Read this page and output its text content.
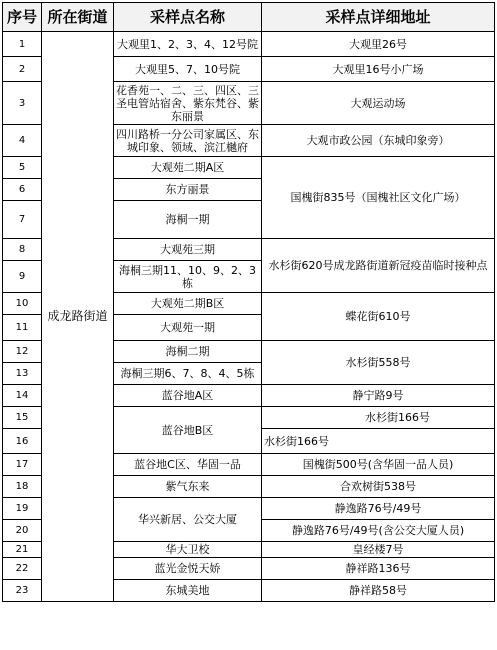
序号	所在街道	采样点名称	采样点详细地址
1	成龙路街道	大观里1、2、3、4、12号院	大观里26号
2		大观里5、7、10号院	大观里16号小广场
3		花香苑一、二、三、四区、三圣电管站宿舍、紫东梵谷、紫东丽景	大观运动场
4		四川路桥一分公司家属区、东城印象、领域、滨江樾府	大观市政公园（东城印象旁）
5		大观苑二期A区	国槐街835号（国槐社区文化广场）
6		东方丽景	
7		海桐一期	
8		大观苑三期	水杉街620号成龙路街道新冠疫苗临时接种点
9		海桐三期11、10、9、2、3栋	
10		大观苑二期B区	蝶花街610号
11		大观苑一期	
12		海桐二期	水杉街558号
13		海桐三期6、7、8、4、5栋	
14		蓝谷地A区	静宁路9号
15		蓝谷地B区	水杉街166号
16			水杉街166号
17		蓝谷地C区、华固一品	国槐街500号(含华固一品人员)
18		紫气东来	合欢树街538号
19		华兴新居、公交大厦	静逸路76号/49号
20			静逸路76号/49号(含公交大厦人员)
21		华大卫校	皇经楼7号
22		蓝光金悦天娇	静祥路136号
23		东城美地	静祥路58号
